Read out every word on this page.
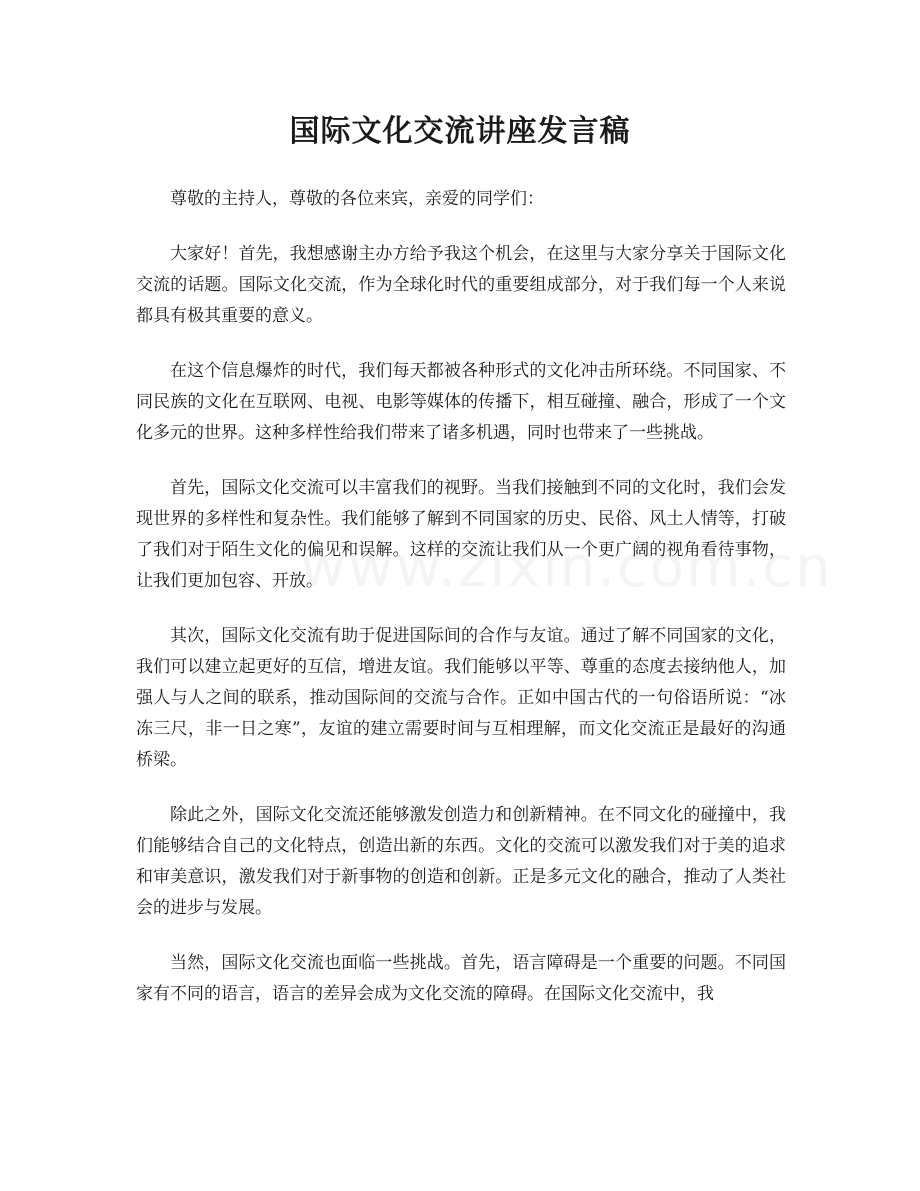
国际文化交流讲座发言稿

尊敬的主持人，尊敬的各位来宾，亲爱的同学们：

大家好！首先，我想感谢主办方给予我这个机会，在这里与大家分享关于国际文化交流的话题。国际文化交流，作为全球化时代的重要组成部分，对于我们每一个人来说都具有极其重要的意义。

在这个信息爆炸的时代，我们每天都被各种形式的文化冲击所环绕。不同国家、不同民族的文化在互联网、电视、电影等媒体的传播下，相互碰撞、融合，形成了一个文化多元的世界。这种多样性给我们带来了诸多机遇，同时也带来了一些挑战。

首先，国际文化交流可以丰富我们的视野。当我们接触到不同的文化时，我们会发现世界的多样性和复杂性。我们能够了解到不同国家的历史、民俗、风土人情等，打破了我们对于陌生文化的偏见和误解。这样的交流让我们从一个更广阔的视角看待事物，让我们更加包容、开放。

其次，国际文化交流有助于促进国际间的合作与友谊。通过了解不同国家的文化，我们可以建立起更好的互信，增进友谊。我们能够以平等、尊重的态度去接纳他人，加强人与人之间的联系，推动国际间的交流与合作。正如中国古代的一句俗语所说：“冰冻三尺，非一日之寒”，友谊的建立需要时间与互相理解，而文化交流正是最好的沟通桥梁。

除此之外，国际文化交流还能够激发创造力和创新精神。在不同文化的碰撞中，我们能够结合自己的文化特点，创造出新的东西。文化的交流可以激发我们对于美的追求和审美意识，激发我们对于新事物的创造和创新。正是多元文化的融合，推动了人类社会的进步与发展。

当然，国际文化交流也面临一些挑战。首先，语言障碍是一个重要的问题。不同国家有不同的语言，语言的差异会成为文化交流的障碍。在国际文化交流中，我
